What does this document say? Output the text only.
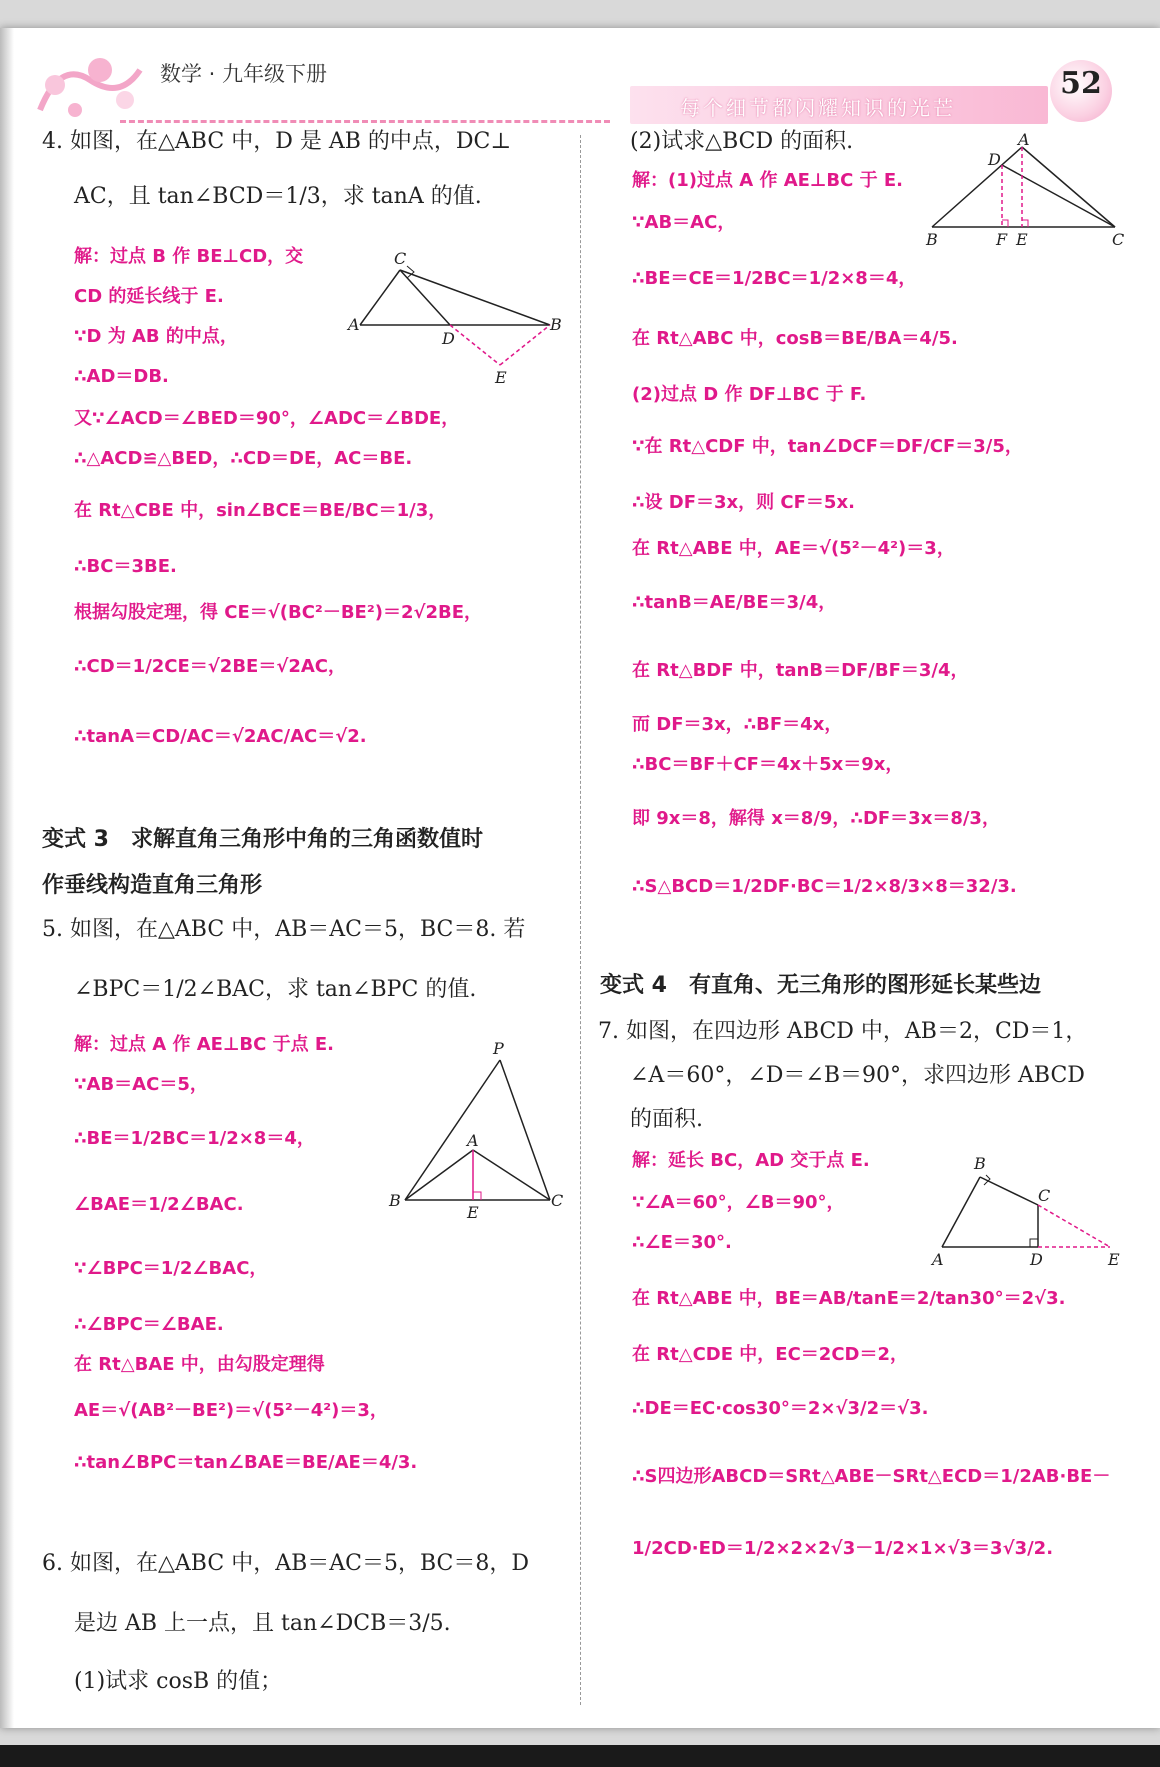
数学 · 九年级下册
每个细节都闪耀知识的光芒
52
4. 如图，在△ABC 中，D 是 AB 的中点，DC⊥
AC，且 tan∠BCD＝1/3，求 tanA 的值.
解：过点 B 作 BE⊥CD，交
CD 的延长线于 E.
∵D 为 AB 的中点，
∴AD＝DB.
又∵∠ACD＝∠BED＝90°，∠ADC＝∠BDE，
∴△ACD≌△BED，∴CD＝DE，AC＝BE.
在 Rt△CBE 中，sin∠BCE＝BE/BC＝1/3，
∴BC＝3BE.
根据勾股定理，得 CE＝√(BC²－BE²)＝2√2BE，
∴CD＝1/2CE＝√2BE＝√2AC，
∴tanA＝CD/AC＝√2AC/AC＝√2.
变式 3　求解直角三角形中角的三角函数值时
作垂线构造直角三角形
5. 如图，在△ABC 中，AB＝AC＝5，BC＝8. 若
∠BPC＝1/2∠BAC，求 tan∠BPC 的值.
解：过点 A 作 AE⊥BC 于点 E.
∵AB＝AC＝5，
∴BE＝1/2BC＝1/2×8＝4，
∠BAE＝1/2∠BAC.
∵∠BPC＝1/2∠BAC，
∴∠BPC＝∠BAE.
在 Rt△BAE 中，由勾股定理得
AE＝√(AB²－BE²)＝√(5²－4²)＝3，
∴tan∠BPC＝tan∠BAE＝BE/AE＝4/3.
6. 如图，在△ABC 中，AB＝AC＝5，BC＝8，D
是边 AB 上一点，且 tan∠DCB＝3/5.
(1)试求 cosB 的值；
(2)试求△BCD 的面积.
解：(1)过点 A 作 AE⊥BC 于 E.
∵AB＝AC，
∴BE＝CE＝1/2BC＝1/2×8＝4，
在 Rt△ABC 中，cosB＝BE/BA＝4/5.
(2)过点 D 作 DF⊥BC 于 F.
∵在 Rt△CDF 中，tan∠DCF＝DF/CF＝3/5，
∴设 DF＝3x，则 CF＝5x.
在 Rt△ABE 中，AE＝√(5²－4²)＝3，
∴tanB＝AE/BE＝3/4，
在 Rt△BDF 中，tanB＝DF/BF＝3/4，
而 DF＝3x，∴BF＝4x，
∴BC＝BF＋CF＝4x＋5x＝9x，
即 9x＝8，解得 x＝8/9，∴DF＝3x＝8/3，
∴S△BCD＝1/2DF·BC＝1/2×8/3×8＝32/3.
变式 4　有直角、无三角形的图形延长某些边
7. 如图，在四边形 ABCD 中，AB＝2，CD＝1，
∠A＝60°，∠D＝∠B＝90°，求四边形 ABCD
的面积.
解：延长 BC，AD 交于点 E.
∵∠A＝60°，∠B＝90°，
∴∠E＝30°.
在 Rt△ABE 中，BE＝AB/tanE＝2/tan30°＝2√3.
在 Rt△CDE 中，EC＝2CD＝2，
∴DE＝EC·cos30°＝2×√3/2＝√3.
∴S四边形ABCD＝SRt△ABE－SRt△ECD＝1/2AB·BE－
1/2CD·ED＝1/2×2×2√3－1/2×1×√3＝3√3/2.
C
A
D
B
E
P
A
B
E
C
A
D
B	F E	C
B
C
A	D	E
